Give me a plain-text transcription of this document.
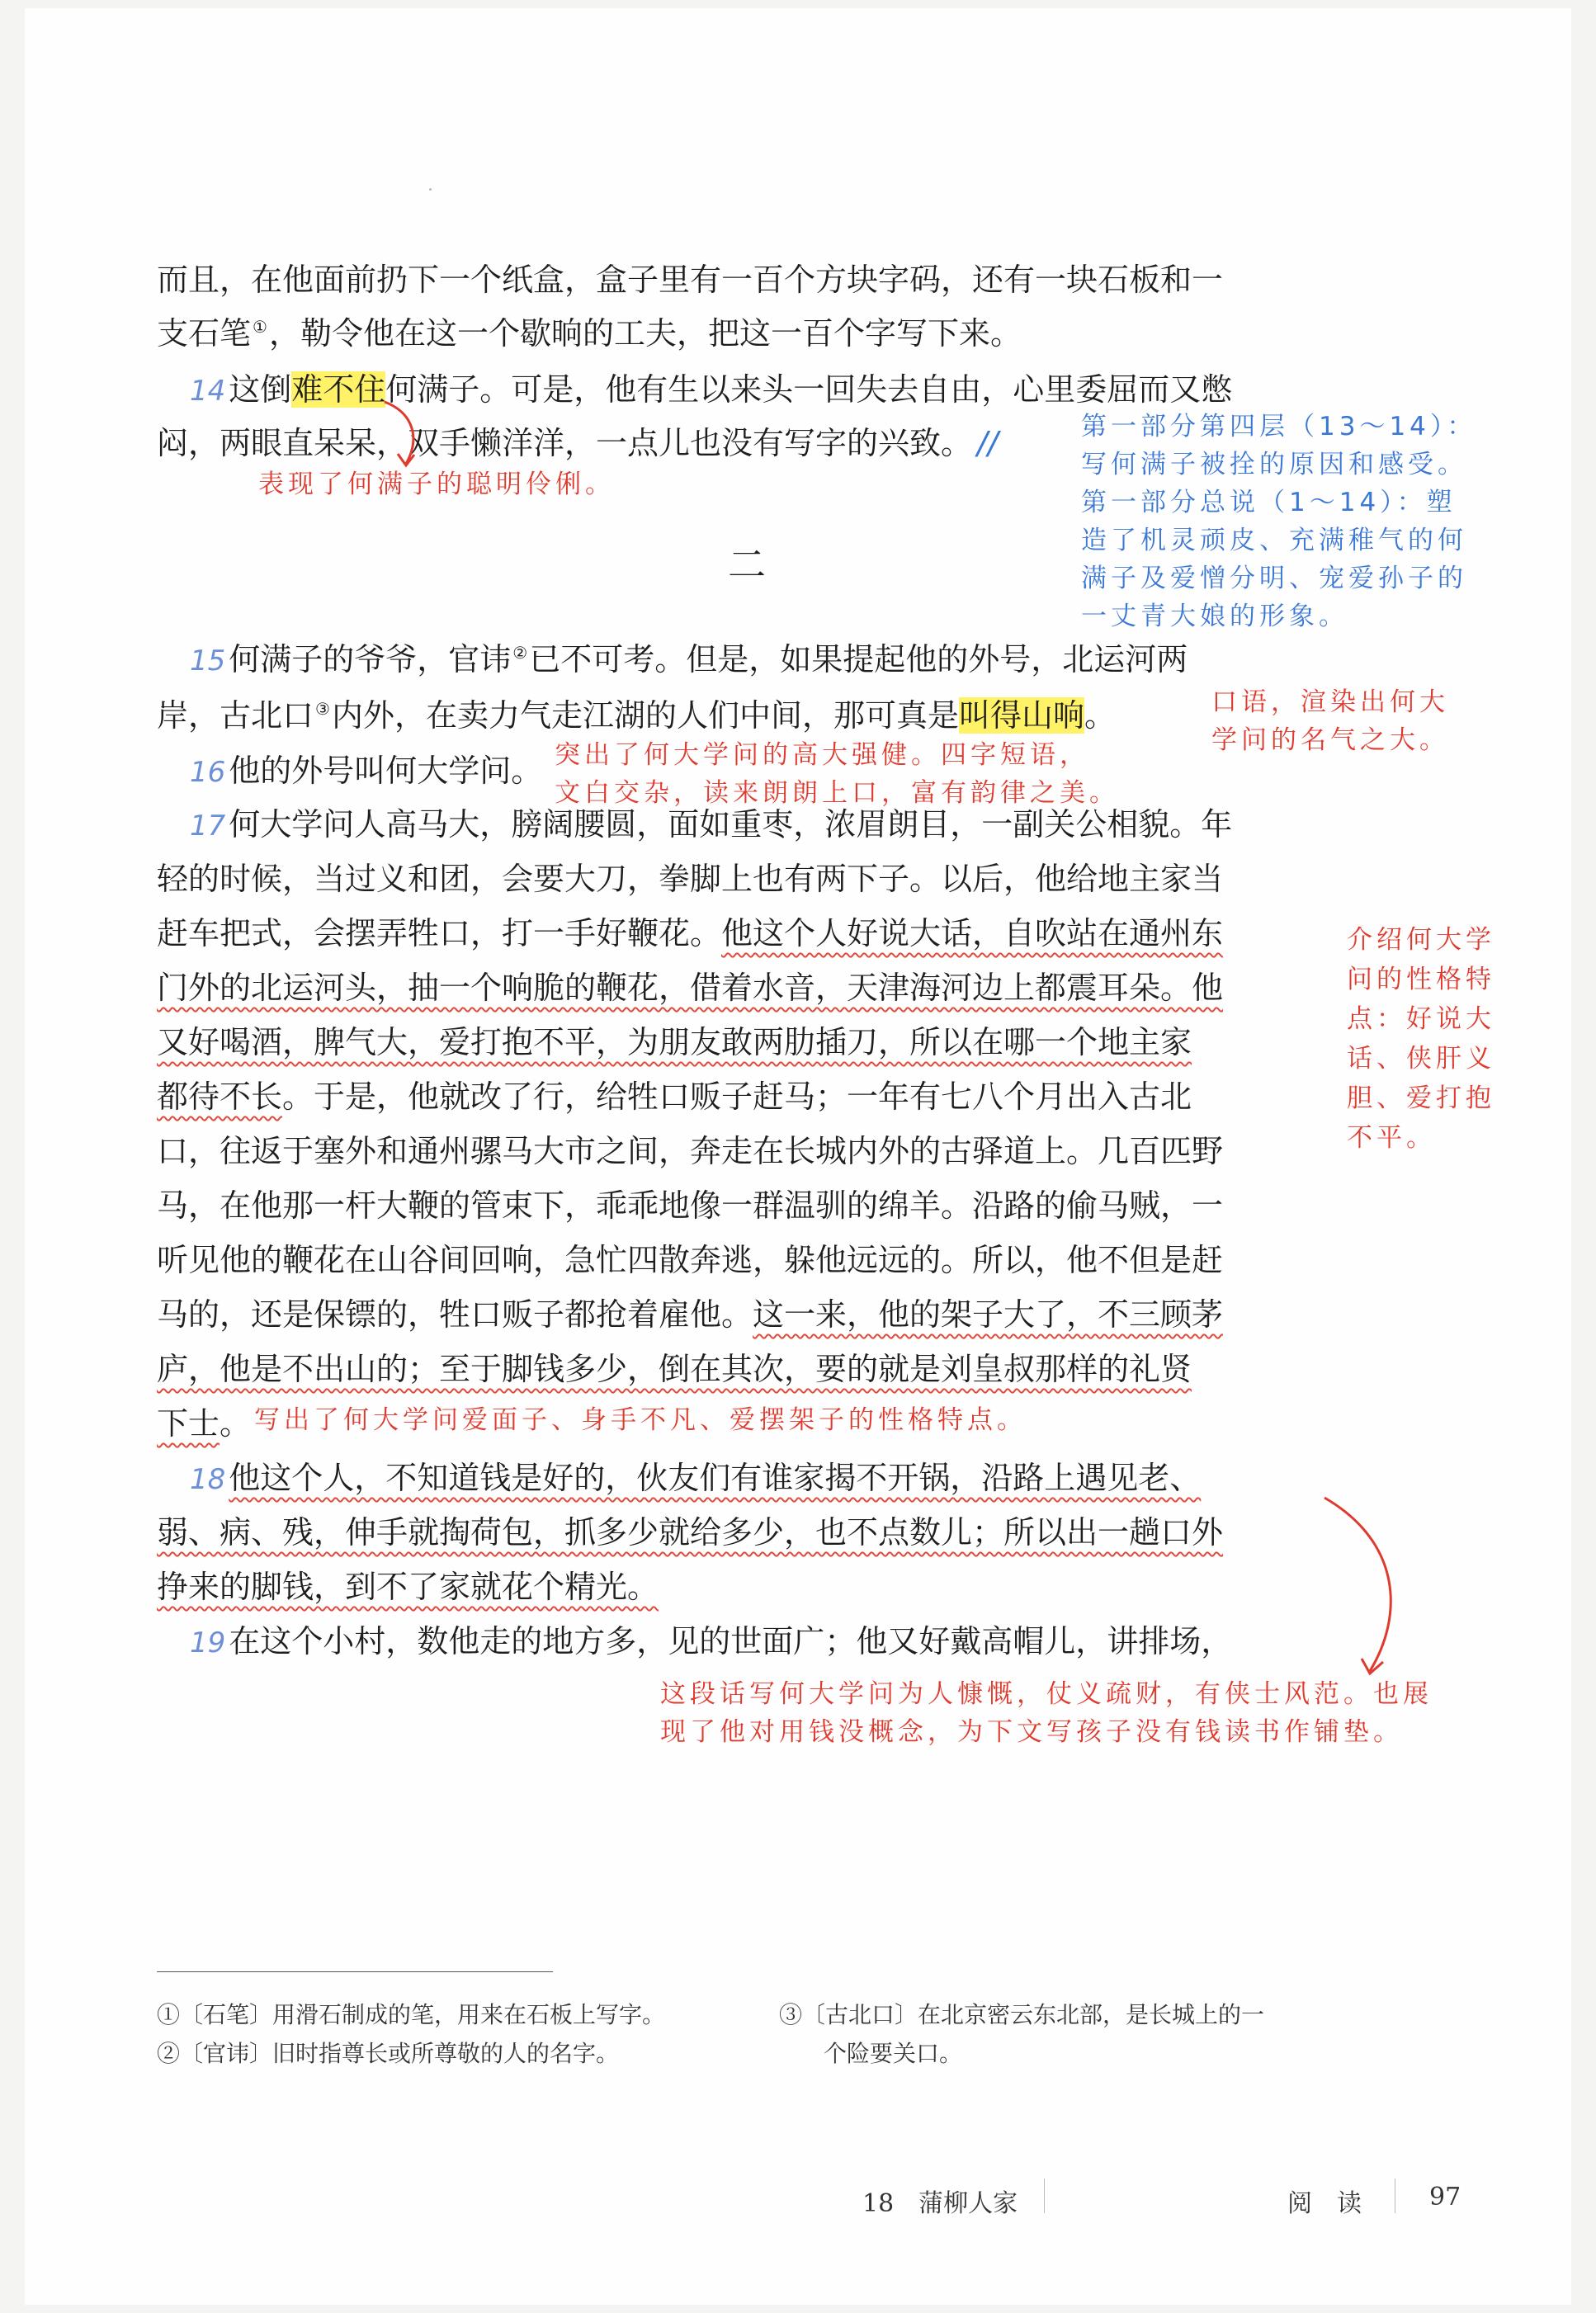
而且，在他面前扔下一个纸盒，盒子里有一百个方块字码，还有一块石板和一
支石笔 ①，勒令他在这一个歇晌的工夫，把这一百个字写下来。
14 这倒难不住何满子。可是，他有生以来头一回失去自由，心里委屈而又憋
闷，两眼直呆呆，双手懒洋洋，一点儿也没有写字的兴致。 //
二
15 何满子的爷爷，官讳 ②已不可考。但是，如果提起他的外号，北运河两
岸，古北口 ③内外，在卖力气走江湖的人们中间，那可真是叫得山响。
16 他的外号叫何大学问。
17 何大学问人高马大，膀阔腰圆，面如重枣，浓眉朗目，一副关公相貌。年
轻的时候，当过义和团，会要大刀，拳脚上也有两下子。以后，他给地主家当
赶车把式，会摆弄牲口，打一手好鞭花。他这个人好说大话，自吹站在通州东
门外的北运河头，抽一个响脆的鞭花，借着水音，天津海河边上都震耳朵。他
又好喝酒，脾气大，爱打抱不平，为朋友敢两肋插刀，所以在哪一个地主家
都待不长。于是，他就改了行，给牲口贩子赶马；一年有七八个月出入古北
口，往返于塞外和通州骡马大市之间，奔走在长城内外的古驿道上。几百匹野
马，在他那一杆大鞭的管束下，乖乖地像一群温驯的绵羊。沿路的偷马贼，一
听见他的鞭花在山谷间回响，急忙四散奔逃，躲他远远的。所以，他不但是赶
马的，还是保镖的，牲口贩子都抢着雇他。这一来，他的架子大了，不三顾茅
庐，他是不出山的；至于脚钱多少，倒在其次，要的就是刘皇叔那样的礼贤
下士。
18 他这个人，不知道钱是好的，伙友们有谁家揭不开锅，沿路上遇见老、
弱、病、残，伸手就掏荷包，抓多少就给多少，也不点数儿；所以出一趟口外
挣来的脚钱，到不了家就花个精光。
19 在这个小村，数他走的地方多，见的世面广；他又好戴高帽儿，讲排场，
表现了何满子的聪明伶俐。
第一部分第四层（13～14）：
写何满子被拴的原因和感受。
第一部分总说（1～14）：塑
造了机灵顽皮、充满稚气的何
满子及爱憎分明、宠爱孙子的
一丈青大娘的形象。
口语，渲染出何大
学问的名气之大。
突出了何大学问的高大强健。四字短语，
文白交杂，读来朗朗上口，富有韵律之美。
介绍何大学
问的性格特
点：好说大
话、侠肝义
胆、爱打抱
不平。
写出了何大学问爱面子、身手不凡、爱摆架子的性格特点。
这段话写何大学问为人慷慨，仗义疏财，有侠士风范。也展
现了他对用钱没概念，为下文写孩子没有钱读书作铺垫。
①〔石笔〕用滑石制成的笔，用来在石板上写字。
②〔官讳〕旧时指尊长或所尊敬的人的名字。
③〔古北口〕在北京密云东北部，是长城上的一
个险要关口。
18　蒲柳人家	阅　读	97
